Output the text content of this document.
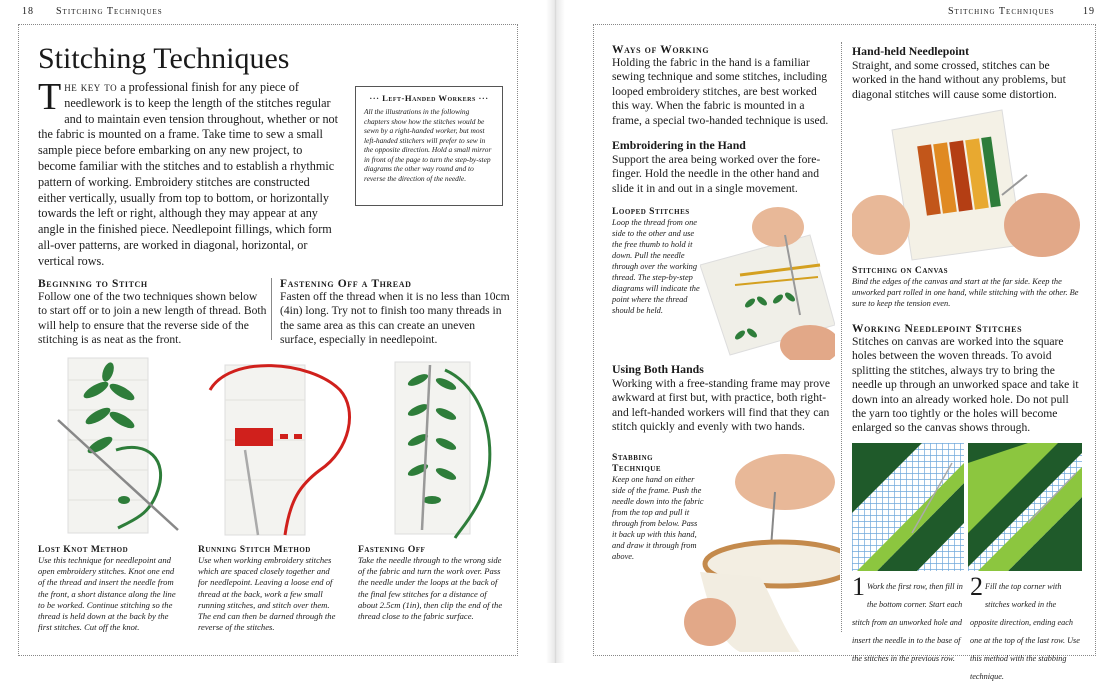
18 Stitching Techniques
Stitching Techniques
The key to a professional finish for any piece of needlework is to keep the length of the stitches regular and to maintain even tension throughout, whether or not the fabric is mounted on a frame. Take time to sew a small sample piece before embarking on any new project, to become familiar with the stitches and to establish a rhythmic pattern of working. Embroidery stitches are constructed either vertically, usually from top to bottom, or horizontally towards the left or right, although they may appear at any angle in the finished piece. Needlepoint fillings, which form all-over patterns, are worked in diagonal, horizontal, or vertical rows.
··· Left-Handed Workers ···
All the illustrations in the following chapters show how the stitches would be sewn by a right-handed worker, but most left-handed stitchers will prefer to sew in the opposite direction. Hold a small mirror in front of the page to turn the step-by-step diagrams the other way round and to reverse the direction of the needle.
Beginning to Stitch
Follow one of the two techniques shown below to start off or to join a new length of thread. Both will help to ensure that the reverse side of the stitching is as neat as the front.
Fastening Off a Thread
Fasten off the thread when it is no less than 10cm (4in) long. Try not to finish too many threads in the same area as this can create an uneven surface, especially in needlepoint.
Lost Knot Method
Use this technique for needlepoint and open embroidery stitches. Knot one end of the thread and insert the needle from the front, a short distance along the line to be worked. Continue stitching so the thread is held down at the back by the first stitches. Cut off the knot.
Running Stitch Method
Use when working embroidery stitches which are spaced closely together and for needlepoint. Leaving a loose end of thread at the back, work a few small running stitches, and stitch over them. The end can then be darned through the reverse of the stitches.
Fastening Off
Take the needle through to the wrong side of the fabric and turn the work over. Pass the needle under the loops at the back of the final few stitches for a distance of about 2.5cm (1in), then clip the end of the thread close to the fabric surface.
Stitching Techniques	19
Ways of Working
Holding the fabric in the hand is a familiar sewing technique and some stitches, including looped embroidery stitches, are best worked this way. When the fabric is mounted in a frame, a special two-handed technique is used.
Embroidering in the Hand
Support the area being worked over the fore-finger. Hold the needle in the other hand and slide it in and out in a single movement.
Looped Stitches
Loop the thread from one side to the other and use the free thumb to hold it down. Pull the needle through over the working thread. The step-by-step diagrams will indicate the point where the thread should be held.
Using Both Hands
Working with a free-standing frame may prove awkward at first but, with practice, both right- and left-handed workers will find that they can stitch quickly and evenly with two hands.
Stabbing Technique
Keep one hand on either side of the frame. Push the needle down into the fabric from the top and pull it through from below. Pass it back up with this hand, and draw it through from above.
Hand-held Needlepoint
Straight, and some crossed, stitches can be worked in the hand without any problems, but diagonal stitches will cause some distortion.
Stitching on Canvas
Bind the edges of the canvas and start at the far side. Keep the unworked part rolled in one hand, while stitching with the other. Be sure to keep the tension even.
Working Needlepoint Stitches
Stitches on canvas are worked into the square holes between the woven threads. To avoid splitting the stitches, always try to bring the needle up through an unworked space and take it down into an already worked hole. Do not pull the yarn too tightly or the holes will become enlarged so the canvas shows through.
1 Work the first row, then fill in the bottom corner. Start each stitch from an unworked hole and insert the needle in to the base of the stitches in the previous row.
2 Fill the top corner with stitches worked in the opposite direction, ending each one at the top of the last row. Use this method with the stabbing technique.
